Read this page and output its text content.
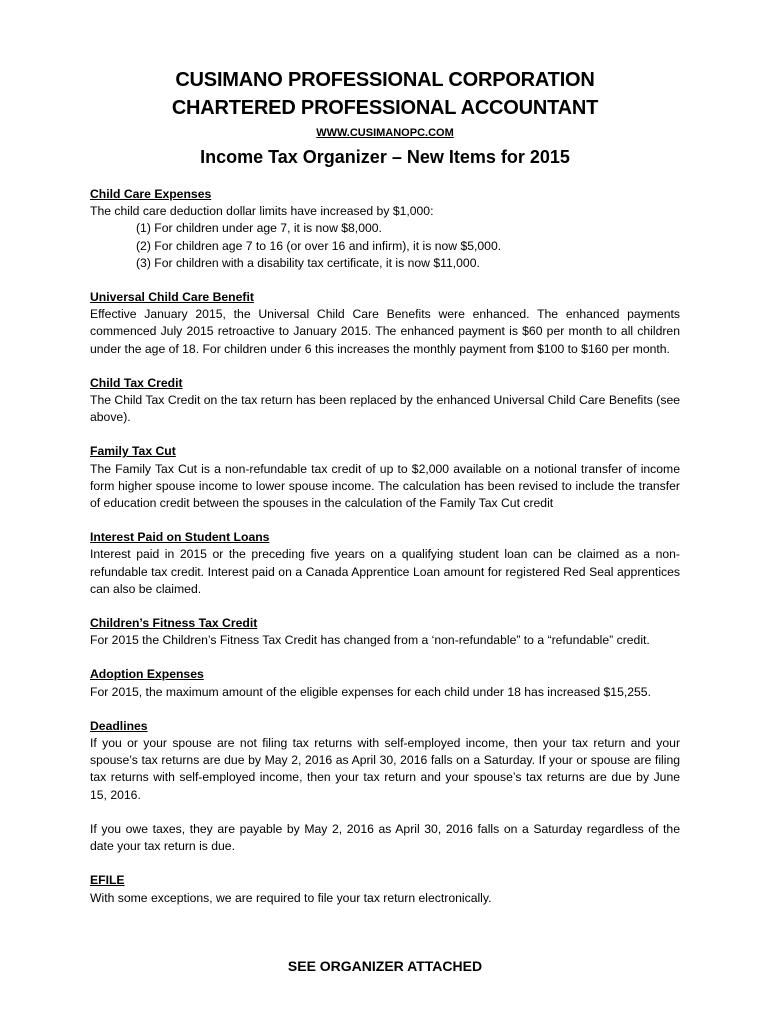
CUSIMANO PROFESSIONAL CORPORATION
CHARTERED PROFESSIONAL ACCOUNTANT
WWW.CUSIMANOPC.COM
Income Tax Organizer – New Items for 2015
Child Care Expenses

The child care deduction dollar limits have increased by $1,000:

(1) For children under age 7, it is now $8,000.
(2) For children age 7 to 16 (or over 16 and infirm), it is now $5,000.
(3) For children with a disability tax certificate, it is now $11,000.
Universal Child Care Benefit
Effective January 2015, the Universal Child Care Benefits were enhanced. The enhanced payments commenced July 2015 retroactive to January 2015. The enhanced payment is $60 per month to all children under the age of 18. For children under 6 this increases the monthly payment from $100 to $160 per month.
Child Tax Credit
The Child Tax Credit on the tax return has been replaced by the enhanced Universal Child Care Benefits (see above).
Family Tax Cut
The Family Tax Cut is a non-refundable tax credit of up to $2,000 available on a notional transfer of income form higher spouse income to lower spouse income. The calculation has been revised to include the transfer of education credit between the spouses in the calculation of the Family Tax Cut credit
Interest Paid on Student Loans
Interest paid in 2015 or the preceding five years on a qualifying student loan can be claimed as a non-refundable tax credit. Interest paid on a Canada Apprentice Loan amount for registered Red Seal apprentices can also be claimed.
Children’s Fitness Tax Credit
For 2015 the Children’s Fitness Tax Credit has changed from a ‘non-refundable” to a “refundable” credit.
Adoption Expenses
For 2015, the maximum amount of the eligible expenses for each child under 18 has increased $15,255.
Deadlines

If you or your spouse are not filing tax returns with self-employed income, then your tax return and your spouse’s tax returns are due by May 2, 2016 as April 30, 2016 falls on a Saturday. If your or spouse are filing tax returns with self-employed income, then your tax return and your spouse’s tax returns are due by June 15, 2016.

If you owe taxes, they are payable by May 2, 2016 as April 30, 2016 falls on a Saturday regardless of the date your tax return is due.

EFILE
With some exceptions, we are required to file your tax return electronically.
SEE ORGANIZER ATTACHED
